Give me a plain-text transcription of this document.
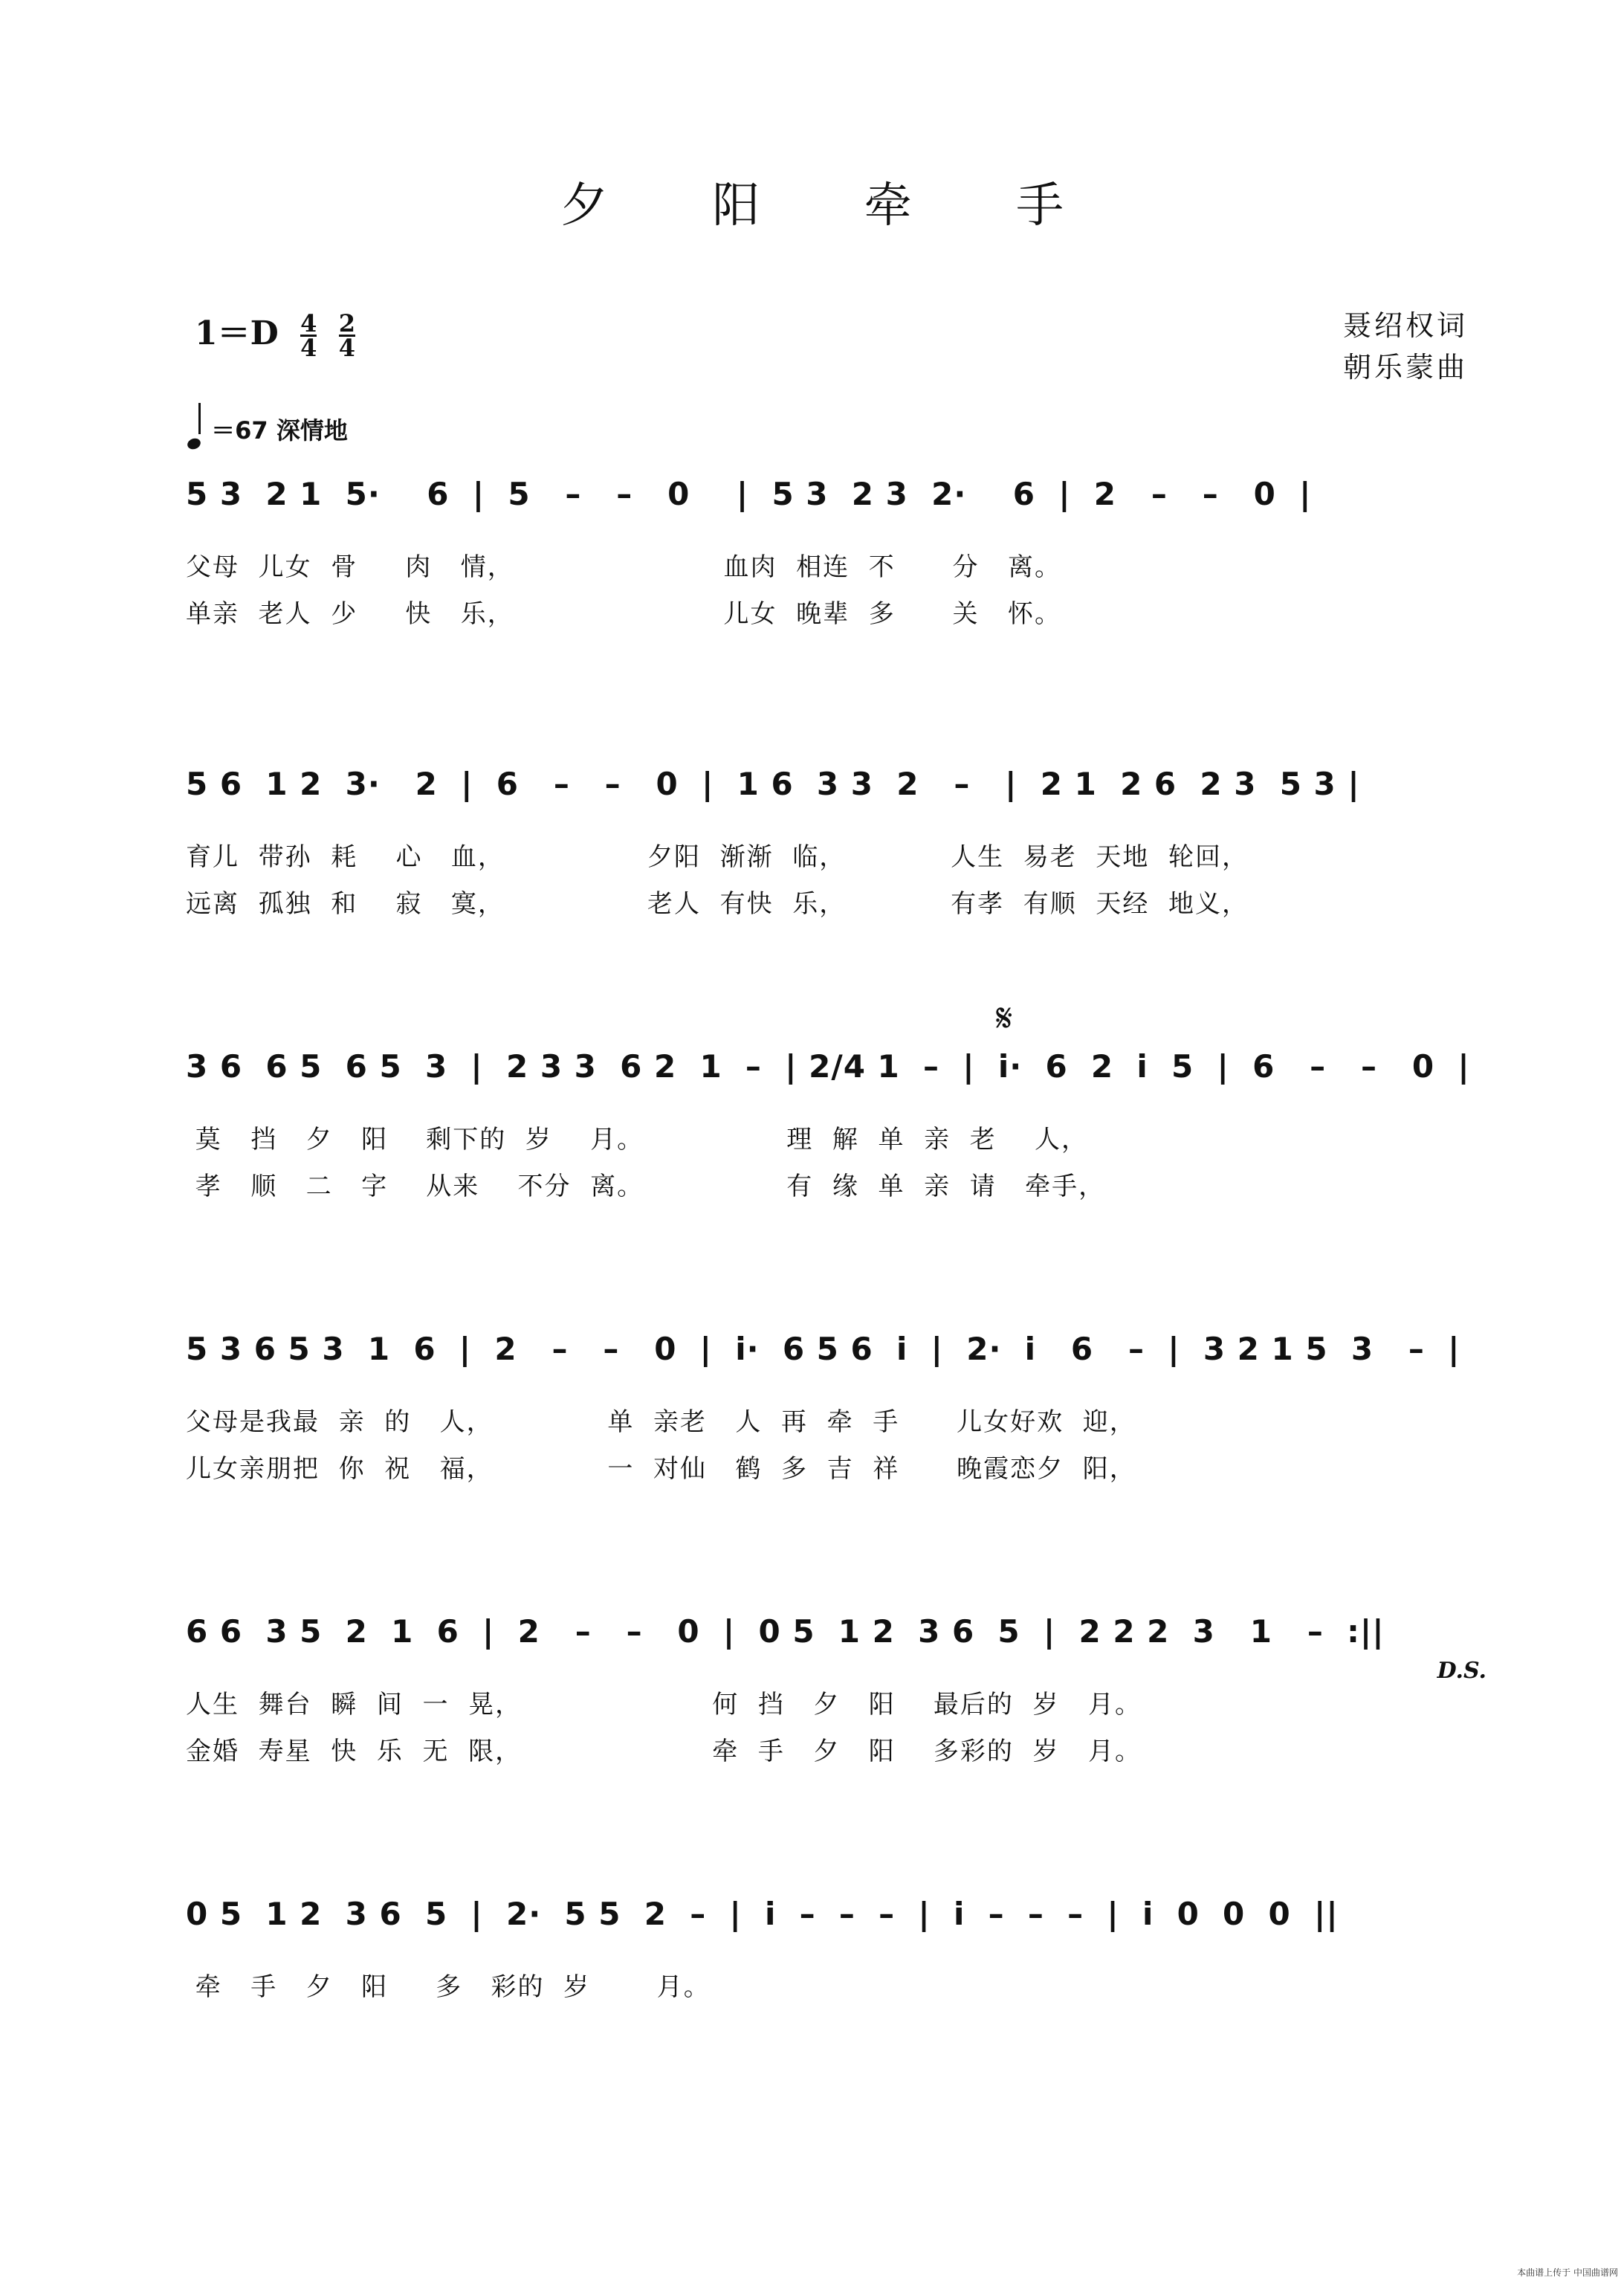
夕 阳 牵 手
$1=D \frac{4}{4}$
$\frac{2}{4}$	聂绍权词
朝乐蒙曲
＝67 深情地
5 3  2 1  5·    6  |  5   –   –   0    |  5 3  2 3  2·    6  |  2   –   –   0  |
父母  儿女  骨     肉   情，                      血肉  相连  不      分   离。
单亲  老人  少     快   乐，                      儿女  晚辈  多      关   怀。
5 6  1 2  3·   2  |  6   –   –   0  |  1 6  3 3  2   –   |  2 1  2 6  2 3  5 3 |
育儿  带孙  耗    心   血，               夕阳  渐渐  临，           人生  易老  天地  轮回，
远离  孤独  和    寂   寞，               老人  有快  乐，           有孝  有顺  天经  地义，
𝄋
3 6  6 5  6 5  3  |  2 3 3  6 2  1  –  | 2/4 1  –  |  i·  6  2  i  5  |  6   –   –   0  |
莫   挡   夕   阳    剩下的  岁    月。               理  解  单  亲  老    人，
孝   顺   二   字    从来    不分  离。               有  缘  单  亲  请   牵手，
5 3 6 5 3  1  6  |  2   –   –   0  |  i·  6 5 6  i  |  2·  i   6   –  |  3 2 1 5  3   –  |
父母是我最  亲  的   人，            单  亲老   人  再  牵  手      儿女好欢  迎，
儿女亲朋把  你  祝   福，            一  对仙   鹤  多  吉  祥      晚霞恋夕  阳，
6 6  3 5  2  1  6  |  2   –   –   0  |  0 5  1 2  3 6  5  |  2 2 2  3   1   –  :||
人生  舞台  瞬  间  一  晃，                    何  挡   夕   阳    最后的  岁   月。
金婚  寿星  快  乐  无  限，                    牵  手   夕   阳    多彩的  岁   月。
D.S.
0 5  1 2  3 6  5  |  2·  5 5  2  –  |  i  –  –  –  |  i  –  –  –  |  i  0  0  0  ||
牵   手   夕   阳     多   彩的  岁       月。
本曲谱上传于 中国曲谱网
